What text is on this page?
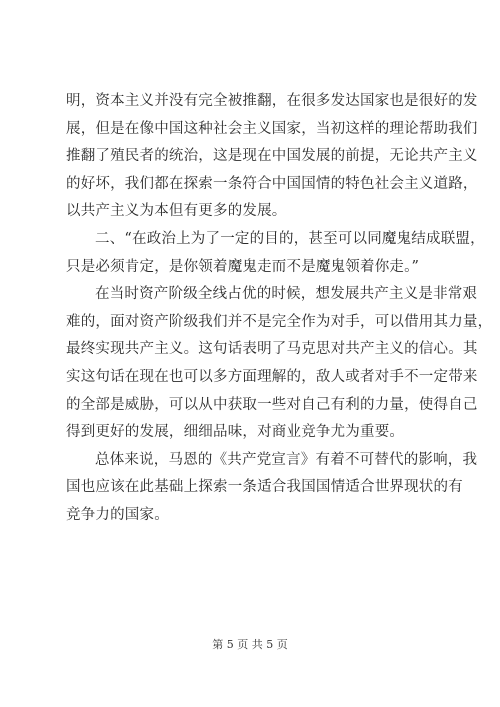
明，资本主义并没有完全被推翻，在很多发达国家也是很好的发
展，但是在像中国这种社会主义国家，当初这样的理论帮助我们
推翻了殖民者的统治，这是现在中国发展的前提，无论共产主义
的好坏，我们都在探索一条符合中国国情的特色社会主义道路，
以共产主义为本但有更多的发展。
二、“在政治上为了一定的目的，甚至可以同魔鬼结成联盟，
只是必须肯定，是你领着魔鬼走而不是魔鬼领着你走。”
在当时资产阶级全线占优的时候，想发展共产主义是非常艰
难的，面对资产阶级我们并不是完全作为对手，可以借用其力量，
最终实现共产主义。这句话表明了马克思对共产主义的信心。其
实这句话在现在也可以多方面理解的，敌人或者对手不一定带来
的全部是威胁，可以从中获取一些对自己有利的力量，使得自己
得到更好的发展，细细品味，对商业竞争尤为重要。
总体来说，马恩的《共产党宣言》有着不可替代的影响，我
国也应该在此基础上探索一条适合我国国情适合世界现状的有
竞争力的国家。
第 5 页 共 5 页
